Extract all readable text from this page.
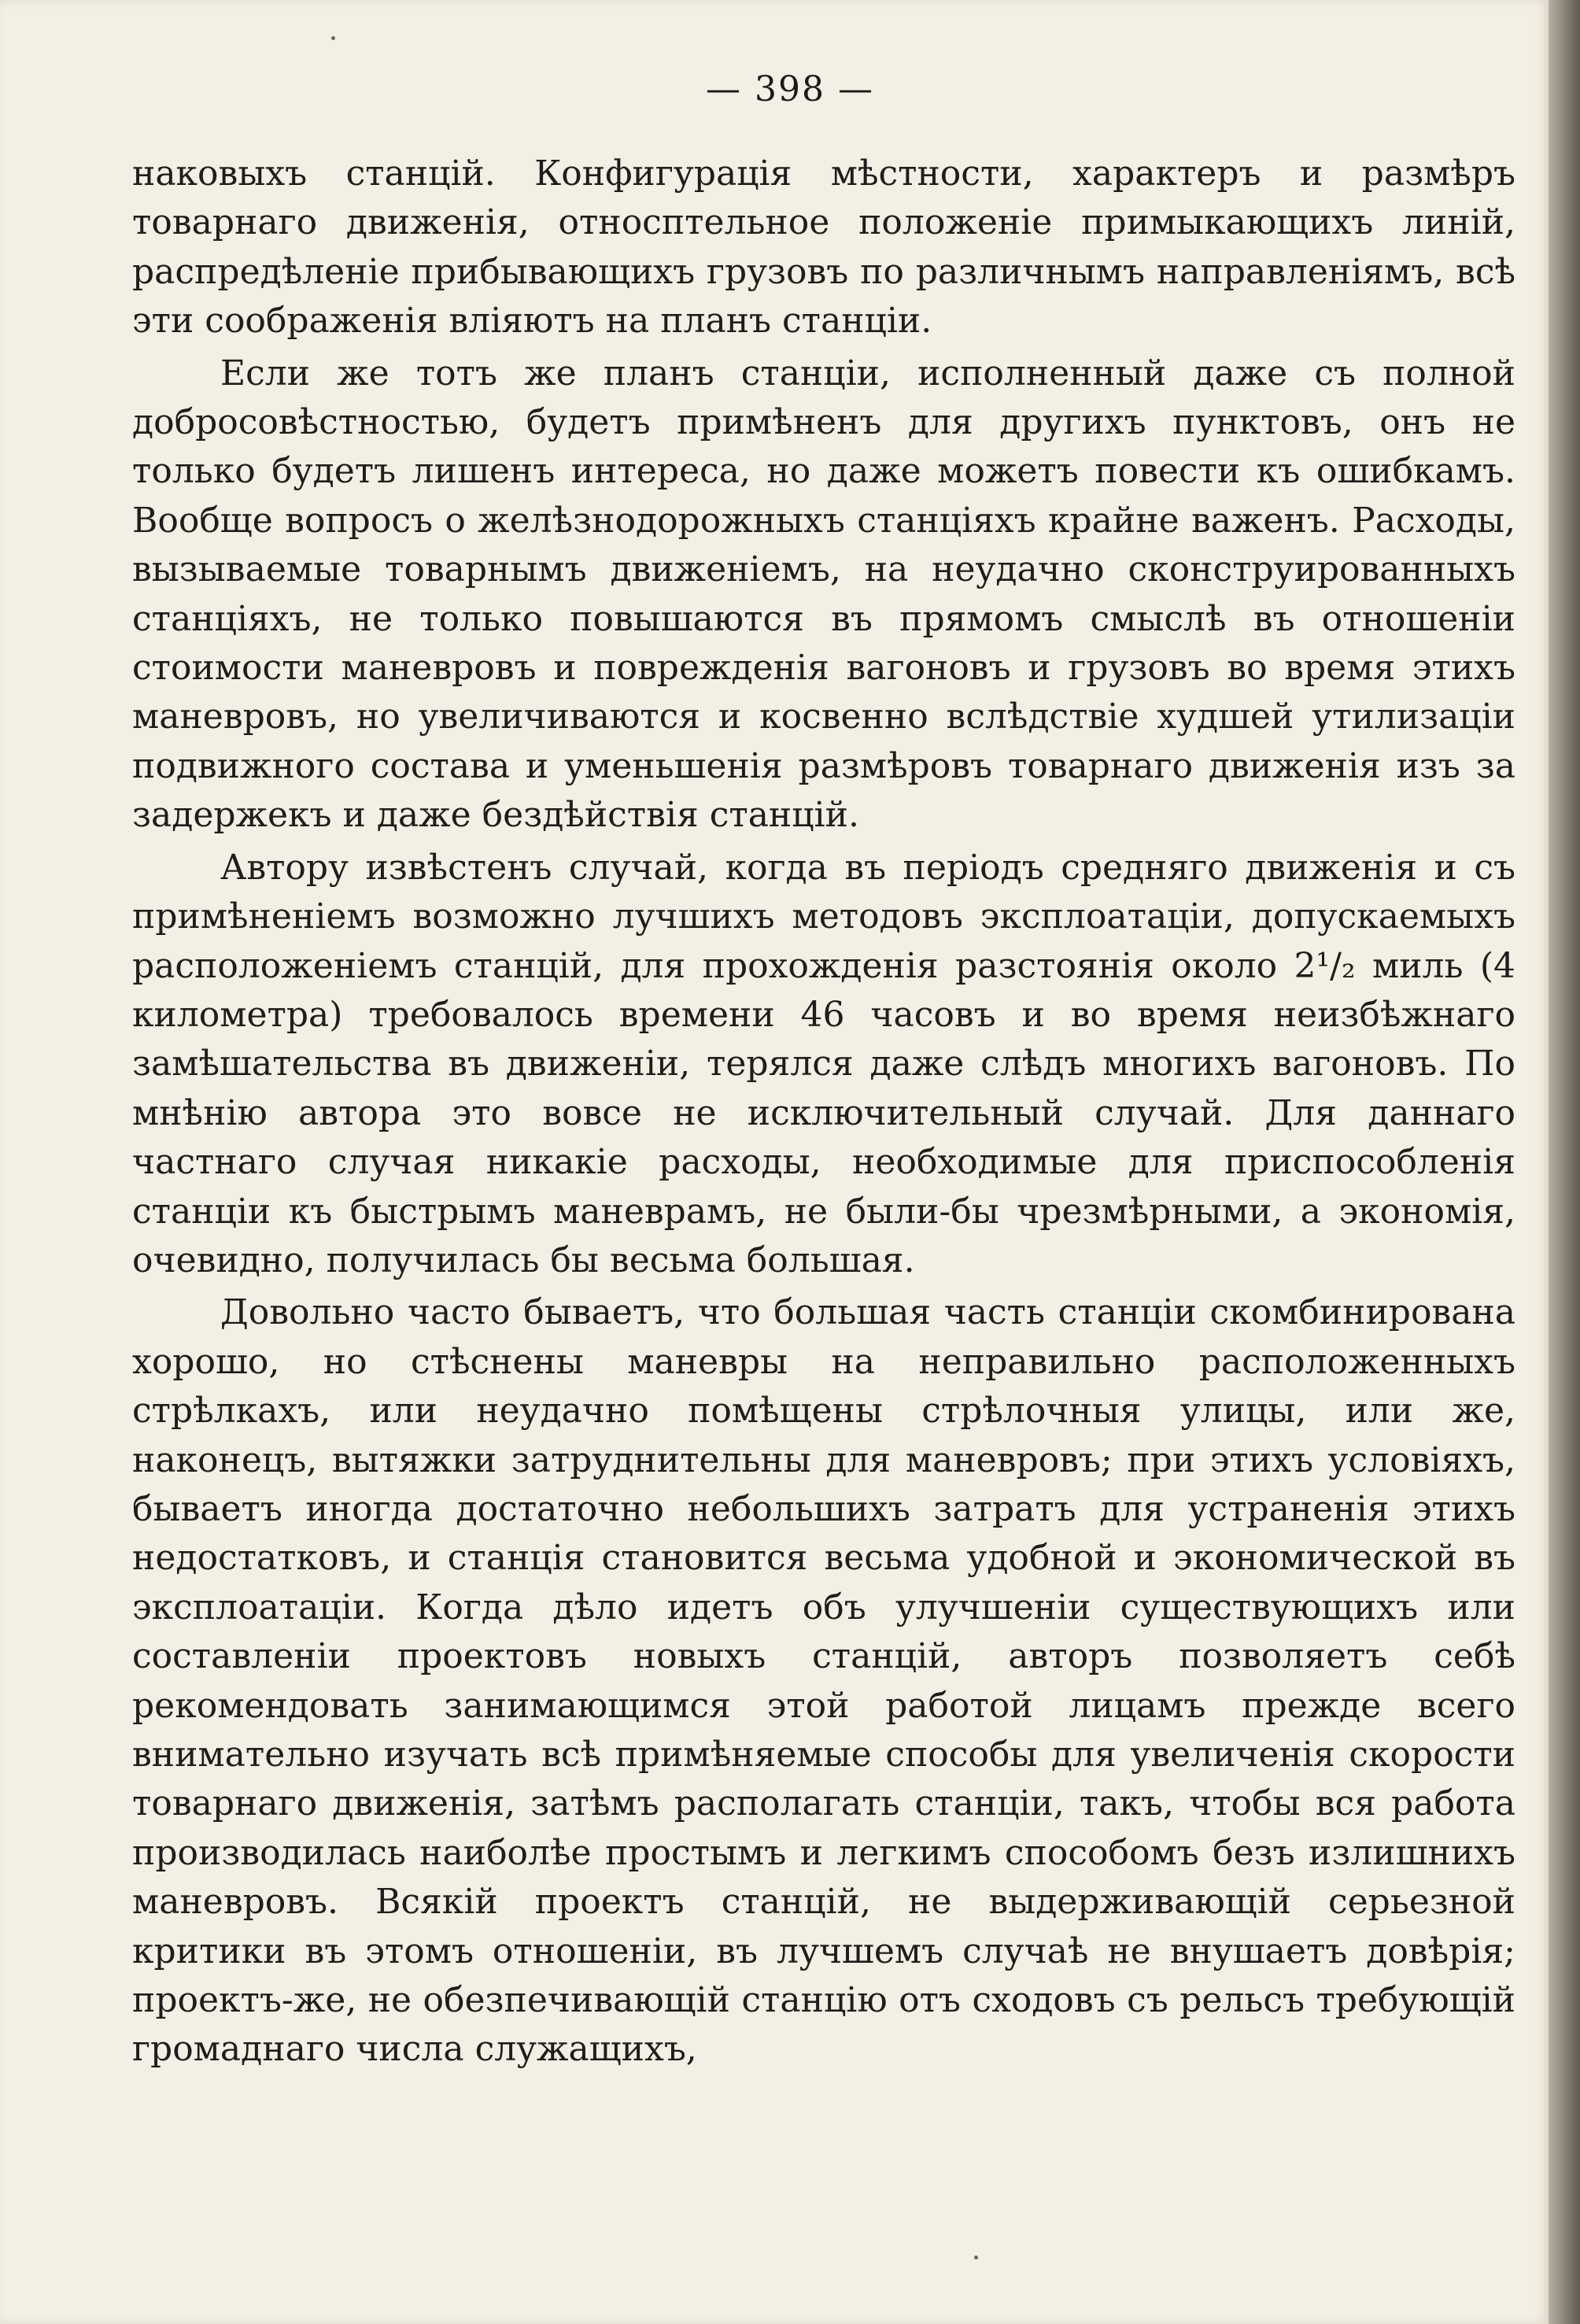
— 398 —

наковыхъ станцій. Конфигурація мѣстности, характеръ и размѣръ товарнаго движенія, относптельное положеніе примыкающихъ линій, распредѣленіе прибывающихъ грузовъ по различнымъ направленіямъ, всѣ эти соображенія вліяютъ на планъ станціи.

Если же тотъ же планъ станціи, исполненный даже съ полной добросовѣстностью, будетъ примѣненъ для другихъ пунктовъ, онъ не только будетъ лишенъ интереса, но даже можетъ повести къ ошибкамъ. Вообще вопросъ о желѣзнодорожныхъ станціяхъ крайне важенъ. Расходы, вызываемые товарнымъ движеніемъ, на неудачно сконструированныхъ станціяхъ, не только повышаются въ прямомъ смыслѣ въ отношеніи стоимости маневровъ и поврежденія вагоновъ и грузовъ во время этихъ маневровъ, но увеличиваются и косвенно вслѣдствіе худшей утилизаціи подвижного состава и уменьшенія размѣровъ товарнаго движенія изъ за задержекъ и даже бездѣйствія станцій.

Автору извѣстенъ случай, когда въ періодъ средняго движенія и съ примѣненіемъ возможно лучшихъ методовъ эксплоатаціи, допускаемыхъ расположеніемъ станцій, для прохожденія разстоянія около 2¹/₂ миль (4 километра) требовалось времени 46 часовъ и во время неизбѣжнаго замѣшательства въ движеніи, терялся даже слѣдъ многихъ вагоновъ. По мнѣнію автора это вовсе не исключительный случай. Для даннаго частнаго случая никакіе расходы, необходимые для приспособленія станціи къ быстрымъ маневрамъ, не были-бы чрезмѣрными, а экономія, очевидно, получилась бы весьма большая.

Довольно часто бываетъ, что большая часть станціи скомбинирована хорошо, но стѣснены маневры на неправильно расположенныхъ стрѣлкахъ, или неудачно помѣщены стрѣлочныя улицы, или же, наконецъ, вытяжки затруднительны для маневровъ; при этихъ условіяхъ, бываетъ иногда достаточно небольшихъ затратъ для устраненія этихъ недостатковъ, и станція становится весьма удобной и экономической въ эксплоатаціи. Когда дѣло идетъ объ улучшеніи существующихъ или составленіи проектовъ новыхъ станцій, авторъ позволяетъ себѣ рекомендовать занимающимся этой работой лицамъ прежде всего внимательно изучать всѣ примѣняемые способы для увеличенія скорости товарнаго движенія, затѣмъ располагать станціи, такъ, чтобы вся работа производилась наиболѣе простымъ и легкимъ способомъ безъ излишнихъ маневровъ. Всякій проектъ станцій, не выдерживающій серьезной критики въ этомъ отношеніи, въ лучшемъ случаѣ не внушаетъ довѣрія; проектъ-же, не обезпечивающій станцію отъ сходовъ съ рельсъ требующій громаднаго числа служащихъ,
